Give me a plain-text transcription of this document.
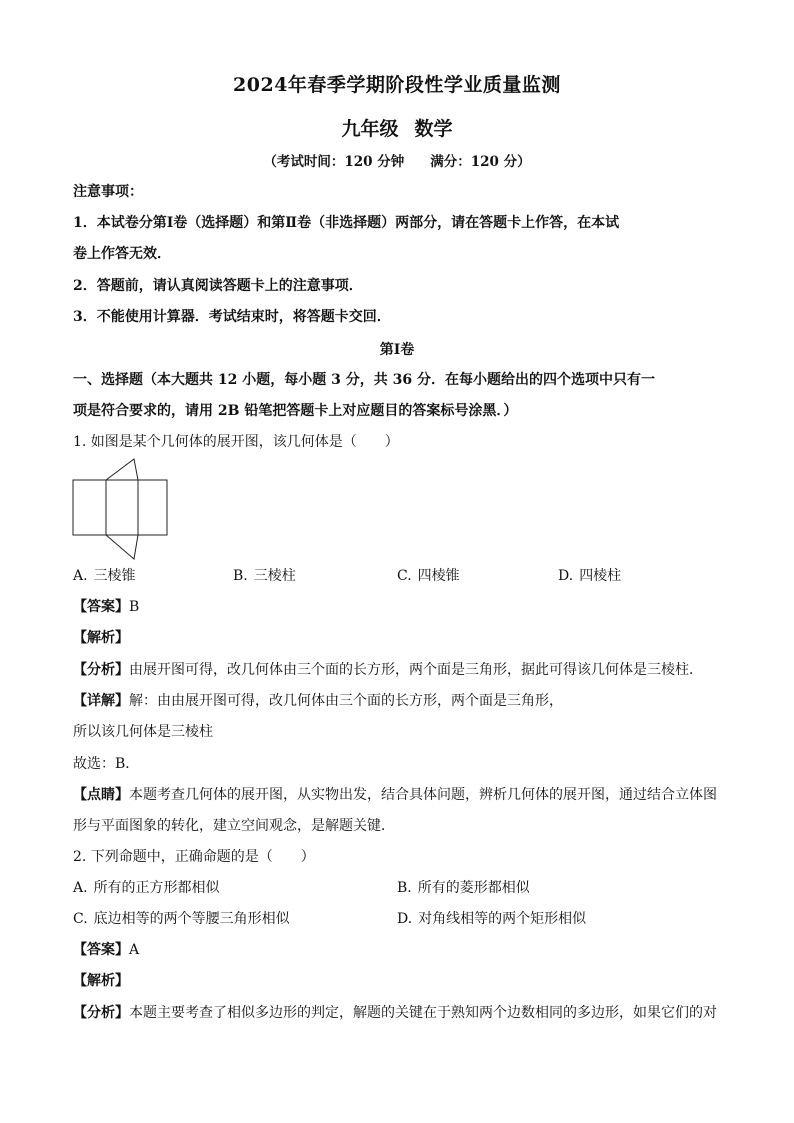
2024年春季学期阶段性学业质量监测
九年级 数学
（考试时间：120 分钟 满分：120 分）
注意事项：
1．本试卷分第Ⅰ卷（选择题）和第Ⅱ卷（非选择题）两部分，请在答题卡上作答，在本试
卷上作答无效．
2．答题前，请认真阅读答题卡上的注意事项．
3．不能使用计算器．考试结束时，将答题卡交回．
第Ⅰ卷
一、选择题（本大题共 12 小题，每小题 3 分，共 36 分．在每小题给出的四个选项中只有一
项是符合要求的，请用 2B 铅笔把答题卡上对应题目的答案标号涂黑．）
1. 如图是某个几何体的展开图，该几何体是（　　）
A. 三棱锥	B. 三棱柱	C. 四棱锥	D. 四棱柱
【答案】B
【解析】
【分析】由展开图可得，改几何体由三个面的长方形，两个面是三角形，据此可得该几何体是三棱柱．
【详解】解：由由展开图可得，改几何体由三个面的长方形，两个面是三角形，
所以该几何体是三棱柱
故选：B．
【点睛】本题考查几何体的展开图，从实物出发，结合具体问题，辨析几何体的展开图，通过结合立体图
形与平面图象的转化，建立空间观念，是解题关键．
2. 下列命题中，正确命题的是（　　）
A. 所有的正方形都相似	B. 所有的菱形都相似
C. 底边相等的两个等腰三角形相似	D. 对角线相等的两个矩形相似
【答案】A
【解析】
【分析】本题主要考查了相似多边形的判定，解题的关键在于熟知两个边数相同的多边形，如果它们的对
